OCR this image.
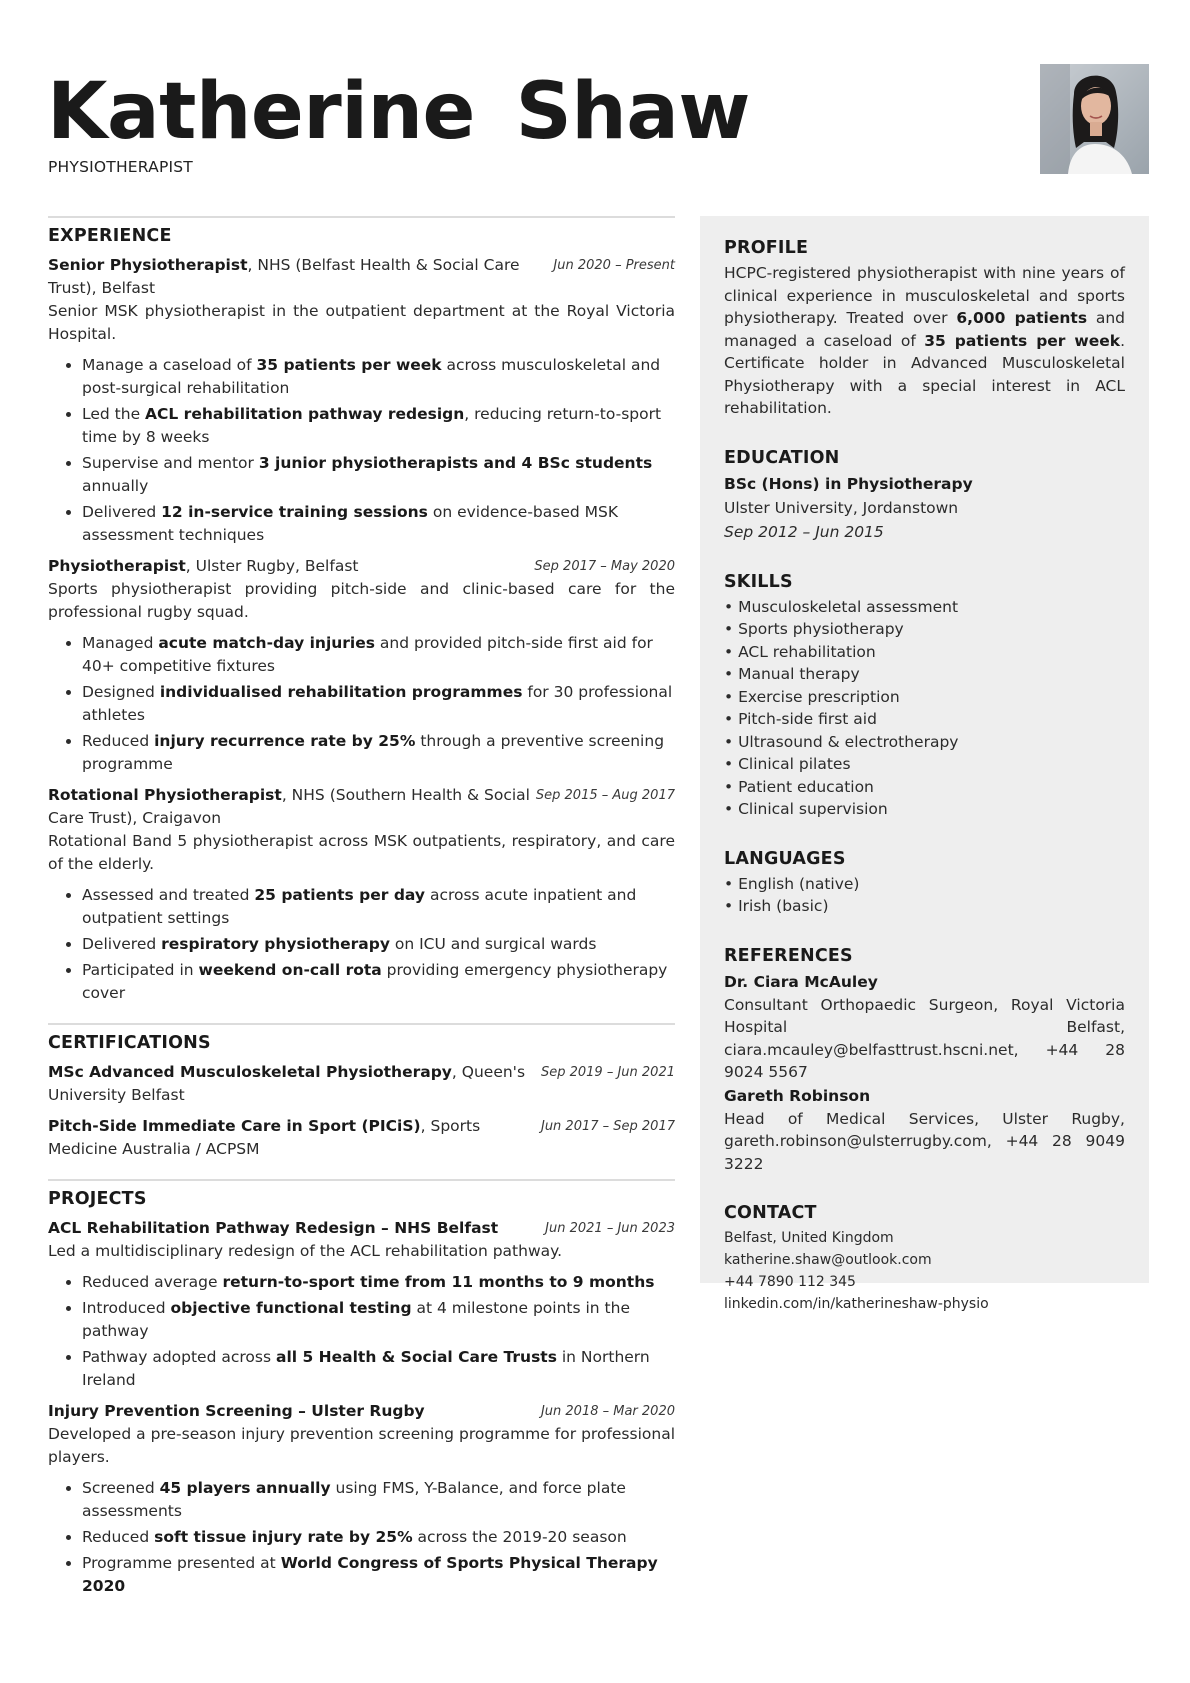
Katherine Shaw
PHYSIOTHERAPIST
EXPERIENCE
Senior Physiotherapist, NHS (Belfast Health & Social Care Trust), Belfast
Jun 2020 – Present
Senior MSK physiotherapist in the outpatient department at the Royal Victoria Hospital.
• Manage a caseload of 35 patients per week across musculoskeletal and post-surgical rehabilitation
• Led the ACL rehabilitation pathway redesign, reducing return-to-sport time by 8 weeks
• Supervise and mentor 3 junior physiotherapists and 4 BSc students annually
• Delivered 12 in-service training sessions on evidence-based MSK assessment techniques
Physiotherapist, Ulster Rugby, Belfast	Sep 2017 – May 2020
Sports physiotherapist providing pitch-side and clinic-based care for the professional rugby squad.
• Managed acute match-day injuries and provided pitch-side first aid for 40+ competitive fixtures
• Designed individualised rehabilitation programmes for 30 professional athletes
• Reduced injury recurrence rate by 25% through a preventive screening programme
Rotational Physiotherapist, NHS (Southern Health & Social Care Trust), Craigavon
Sep 2015 – Aug 2017
Rotational Band 5 physiotherapist across MSK outpatients, respiratory, and care of the elderly.
• Assessed and treated 25 patients per day across acute inpatient and outpatient settings
• Delivered respiratory physiotherapy on ICU and surgical wards
• Participated in weekend on-call rota providing emergency physiotherapy cover
CERTIFICATIONS
MSc Advanced Musculoskeletal Physiotherapy, Queen's University Belfast
Sep 2019 – Jun 2021
Pitch-Side Immediate Care in Sport (PICiS), Sports Medicine Australia / ACPSM
Jun 2017 – Sep 2017
PROJECTS
ACL Rehabilitation Pathway Redesign – NHS Belfast	Jun 2021 – Jun 2023
Led a multidisciplinary redesign of the ACL rehabilitation pathway.
• Reduced average return-to-sport time from 11 months to 9 months
• Introduced objective functional testing at 4 milestone points in the pathway
• Pathway adopted across all 5 Health & Social Care Trusts in Northern Ireland
Injury Prevention Screening – Ulster Rugby	Jun 2018 – Mar 2020
Developed a pre-season injury prevention screening programme for professional players.
• Screened 45 players annually using FMS, Y-Balance, and force plate assessments
• Reduced soft tissue injury rate by 25% across the 2019-20 season
• Programme presented at World Congress of Sports Physical Therapy 2020
PROFILE
HCPC-registered physiotherapist with nine years of clinical experience in musculoskeletal and sports physiotherapy. Treated over 6,000 patients and managed a caseload of 35 patients per week. Certificate holder in Advanced Musculoskeletal Physiotherapy with a special interest in ACL rehabilitation.
EDUCATION
BSc (Hons) in Physiotherapy
Ulster University, Jordanstown
Sep 2012 – Jun 2015
SKILLS
• Musculoskeletal assessment
• Sports physiotherapy
• ACL rehabilitation
• Manual therapy
• Exercise prescription
• Pitch-side first aid
• Ultrasound & electrotherapy
• Clinical pilates
• Patient education
• Clinical supervision
LANGUAGES
• English (native)
• Irish (basic)
REFERENCES
Dr. Ciara McAuley
Consultant Orthopaedic Surgeon, Royal Victoria Hospital Belfast, ciara.mcauley@belfasttrust.hscni.net, +44 28 9024 5567
Gareth Robinson
Head of Medical Services, Ulster Rugby, gareth.robinson@ulsterrugby.com, +44 28 9049 3222
CONTACT
Belfast, United Kingdom
katherine.shaw@outlook.com
+44 7890 112 345
linkedin.com/in/katherineshaw-physio
